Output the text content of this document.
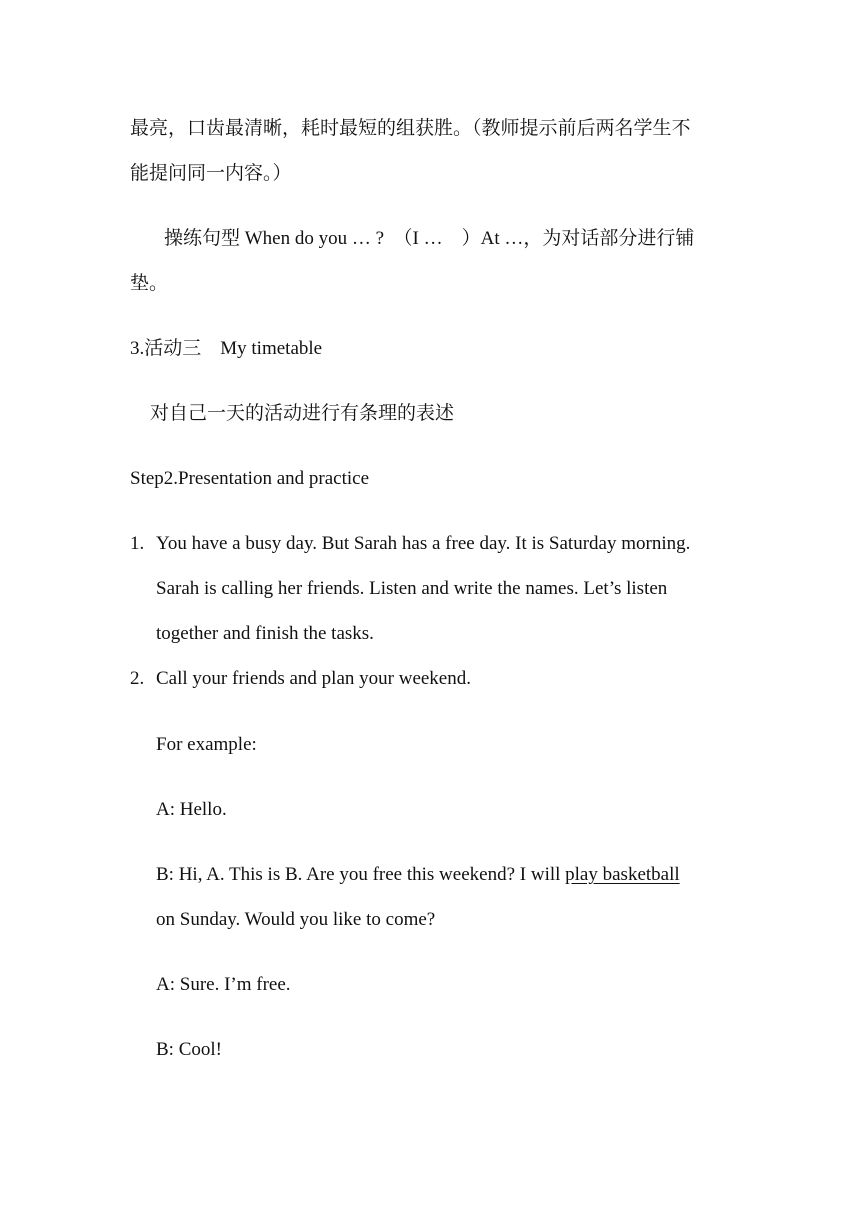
最亮，口齿最清晰，耗时最短的组获胜。（教师提示前后两名学生不
能提问同一内容。）
操练句型 When do you … ?　（I …　）At …，为对话部分进行铺
垫。
3.活动三　My timetable
对自己一天的活动进行有条理的表述
Step2.Presentation and practice
1. You have a busy day. But Sarah has a free day. It is Saturday morning.
Sarah is calling her friends. Listen and write the names. Let’s listen
together and finish the tasks.
2. Call your friends and plan your weekend.
For example:
A: Hello.
B: Hi, A. This is B. Are you free this weekend? I will play basketball
on Sunday. Would you like to come?
A: Sure. I’m free.
B: Cool!
